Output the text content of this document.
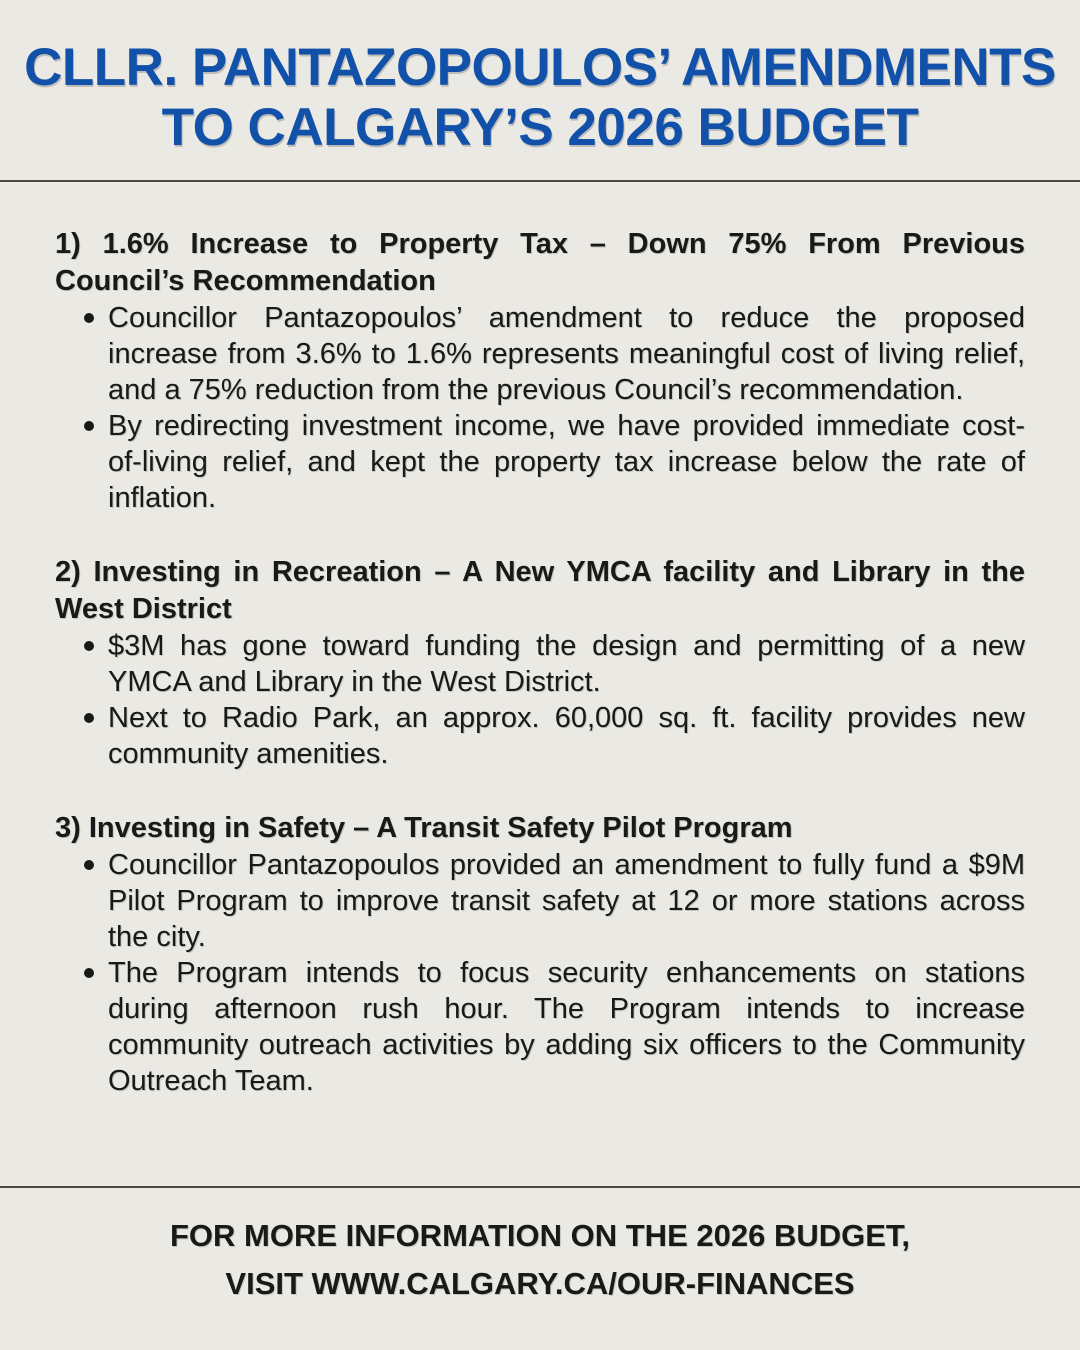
CLLR. PANTAZOPOULOS’ AMENDMENTS
TO CALGARY’S 2026 BUDGET
1) 1.6% Increase to Property Tax – Down 75% From Previous Council’s Recommendation
Councillor Pantazopoulos’ amendment to reduce the proposed increase from 3.6% to 1.6% represents meaningful cost of living relief, and a 75% reduction from the previous Council’s recommendation.
By redirecting investment income, we have provided immediate cost-of-living relief, and kept the property tax increase below the rate of inflation.
2) Investing in Recreation – A New YMCA facility and Library in the West District
$3M has gone toward funding the design and permitting of a new YMCA and Library in the West District.
Next to Radio Park, an approx. 60,000 sq. ft. facility provides new community amenities.
3) Investing in Safety – A Transit Safety Pilot Program
Councillor Pantazopoulos provided an amendment to fully fund a $9M Pilot Program to improve transit safety at 12 or more stations across the city.
The Program intends to focus security enhancements on stations during afternoon rush hour. The Program intends to increase community outreach activities by adding six officers to the Community Outreach Team.
FOR MORE INFORMATION ON THE 2026 BUDGET,
VISIT WWW.CALGARY.CA/OUR-FINANCES
